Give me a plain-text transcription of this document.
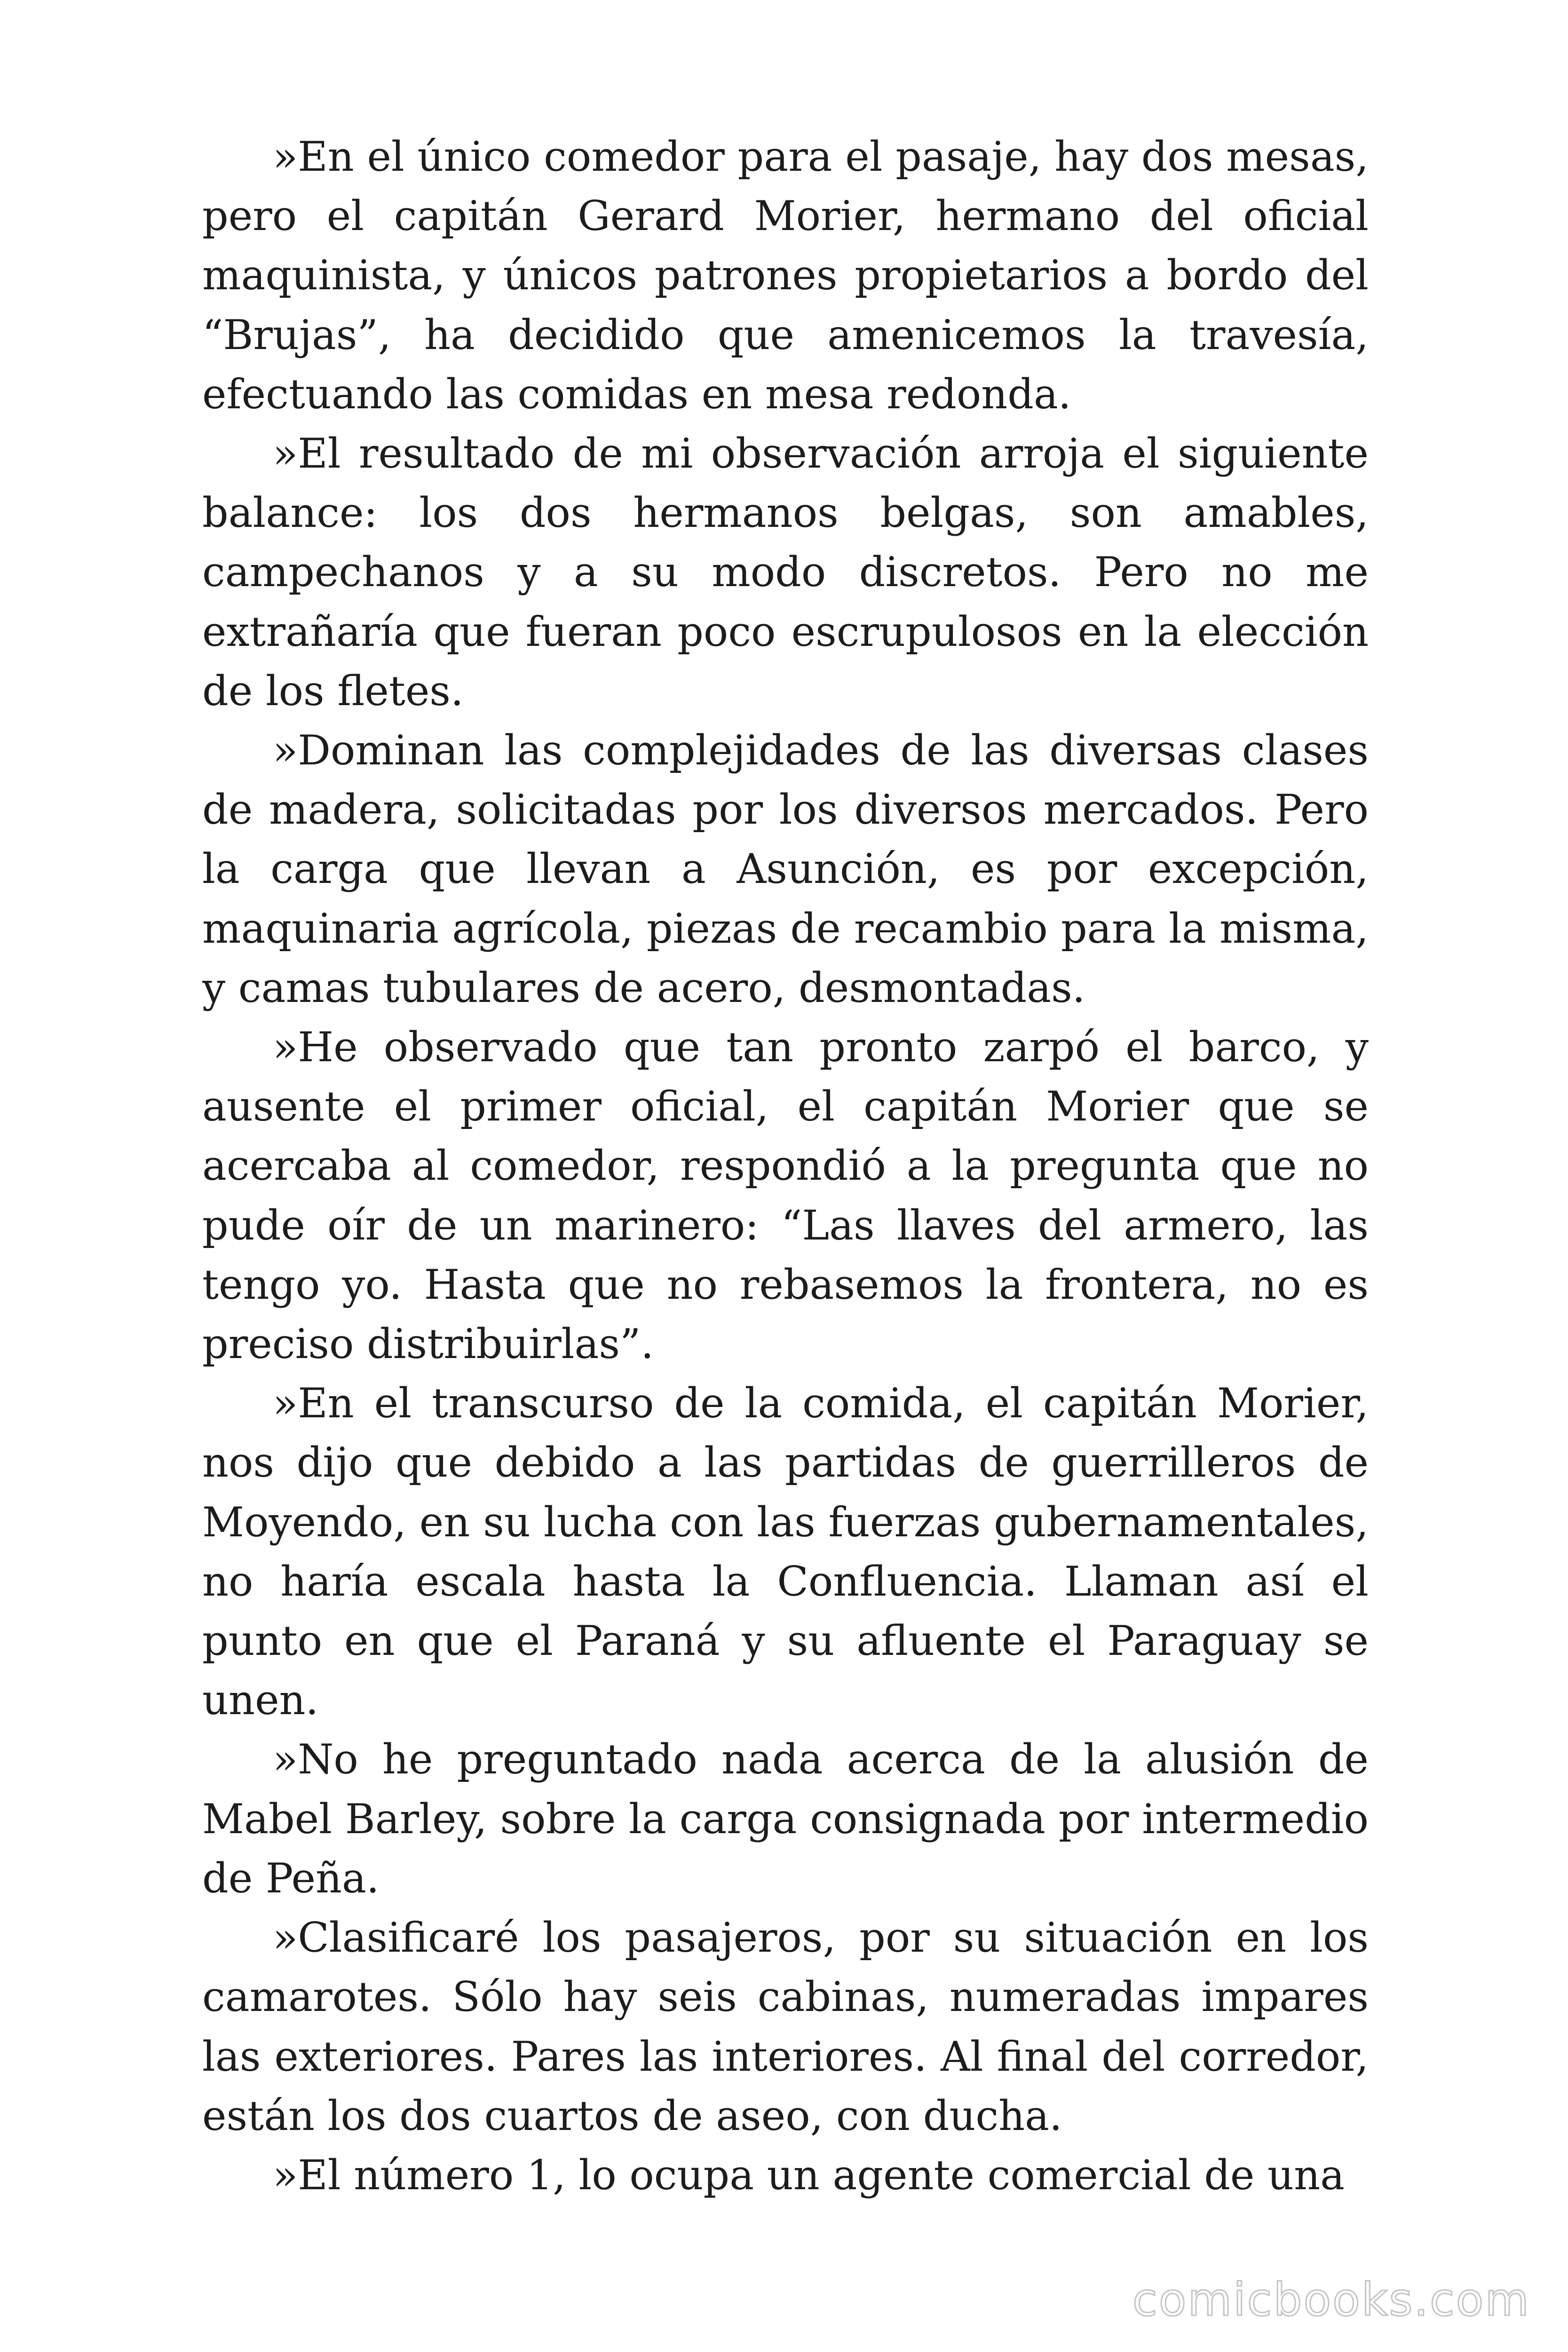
»En el único comedor para el pasaje, hay dos mesas, pero el capitán Gerard Morier, hermano del oficial maquinista, y únicos patrones propietarios a bordo del “Brujas”, ha decidido que amenicemos la travesía, efectuando las comidas en mesa redonda.

»El resultado de mi observación arroja el siguiente balance: los dos hermanos belgas, son amables, campechanos y a su modo discretos. Pero no me extrañaría que fueran poco escrupulosos en la elección de los fletes.

»Dominan las complejidades de las diversas clases de madera, solicitadas por los diversos mercados. Pero la carga que llevan a Asunción, es por excepción, maquinaria agrícola, piezas de recambio para la misma, y camas tubulares de acero, desmontadas.

»He observado que tan pronto zarpó el barco, y ausente el primer oficial, el capitán Morier que se acercaba al comedor, respondió a la pregunta que no pude oír de un marinero: “Las llaves del armero, las tengo yo. Hasta que no rebasemos la frontera, no es preciso distribuirlas”.

»En el transcurso de la comida, el capitán Morier, nos dijo que debido a las partidas de guerrilleros de Moyendo, en su lucha con las fuerzas gubernamentales, no haría escala hasta la Confluencia. Llaman así el punto en que el Paraná y su afluente el Paraguay se unen.

»No he preguntado nada acerca de la alusión de Mabel Barley, sobre la carga consignada por intermedio de Peña.

»Clasificaré los pasajeros, por su situación en los camarotes. Sólo hay seis cabinas, numeradas impares las exteriores. Pares las interiores. Al final del corredor, están los dos cuartos de aseo, con ducha.

»El número 1, lo ocupa un agente comercial de una

comicbooks.com
